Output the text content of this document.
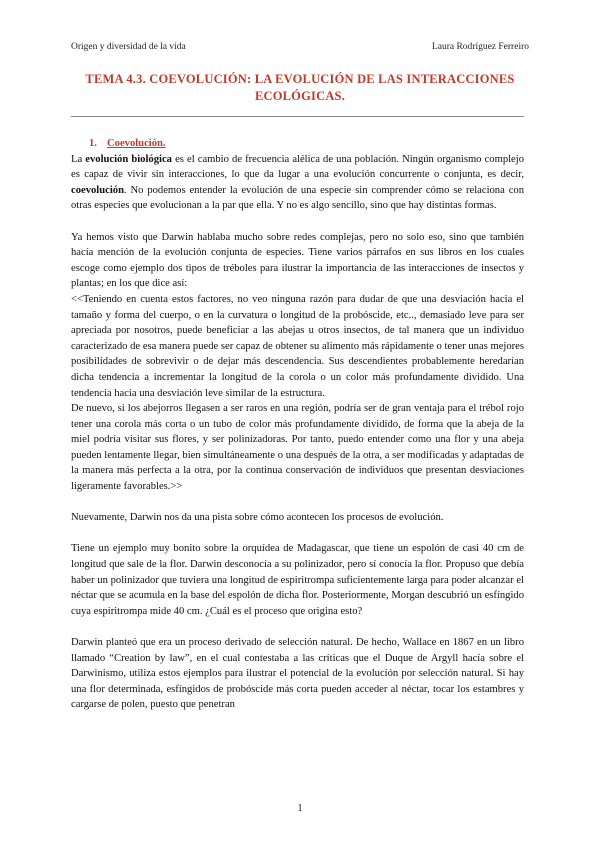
Origen y diversidad de la vida	Laura Rodríguez Ferreiro
TEMA 4.3. COEVOLUCIÓN: LA EVOLUCIÓN DE LAS INTERACCIONES
ECOLÓGICAS.

1. Coevolución.

La evolución biológica es el cambio de frecuencia alélica de una población. Ningún organismo complejo es capaz de vivir sin interacciones, lo que da lugar a una evolución concurrente o conjunta, es decir, coevolución. No podemos entender la evolución de una especie sin comprender cómo se relaciona con otras especies que evolucionan a la par que ella. Y no es algo sencillo, sino que hay distintas formas.

Ya hemos visto que Darwin hablaba mucho sobre redes complejas, pero no solo eso, sino que también hacía mención de la evolución conjunta de especies. Tiene varios párrafos en sus libros en los cuales escoge como ejemplo dos tipos de tréboles para ilustrar la importancia de las interacciones de insectos y plantas; en los que dice así:

<<Teniendo en cuenta estos factores, no veo ninguna razón para dudar de que una desviación hacia el tamaño y forma del cuerpo, o en la curvatura o longitud de la probóscide, etc.., demasiado leve para ser apreciada por nosotros, puede beneficiar a las abejas u otros insectos, de tal manera que un individuo caracterizado de esa manera puede ser capaz de obtener su alimento más rápidamente o tener unas mejores posibilidades de sobrevivir o de dejar más descendencia. Sus descendientes probablemente heredarían dicha tendencia a incrementar la longitud de la corola o un color más profundamente dividido. Una tendencia hacia una desviación leve similar de la estructura.

De nuevo, si los abejorros llegasen a ser raros en una región, podría ser de gran ventaja para el trébol rojo tener una corola más corta o un tubo de color más profundamente dividido, de forma que la abeja de la miel podría visitar sus flores, y ser polinizadoras. Por tanto, puedo entender como una flor y una abeja pueden lentamente llegar, bien simultáneamente o una después de la otra, a ser modificadas y adaptadas de la manera más perfecta a la otra, por la continua conservación de individuos que presentan desviaciones ligeramente favorables.>>

Nuevamente, Darwin nos da una pista sobre cómo acontecen los procesos de evolución.

Tiene un ejemplo muy bonito sobre la orquídea de Madagascar, que tiene un espolón de casi 40 cm de longitud que sale de la flor. Darwin desconocía a su polinizador, pero sí conocía la flor. Propuso que debía haber un polinizador que tuviera una longitud de espiritrompa suficientemente larga para poder alcanzar el néctar que se acumula en la base del espolón de dicha flor. Posteriormente, Morgan descubrió un esfíngido cuya espiritrompa mide 40 cm. ¿Cuál es el proceso que origina esto?

Darwin planteó que era un proceso derivado de selección natural. De hecho, Wallace en 1867 en un libro llamado “Creation by law”, en el cual contestaba a las críticas que el Duque de Argyll hacía sobre el Darwinismo, utiliza estos ejemplos para ilustrar el potencial de la evolución por selección natural. Si hay una flor determinada, esfíngidos de probóscide más corta pueden acceder al néctar, tocar los estambres y cargarse de polen, puesto que penetran

1
